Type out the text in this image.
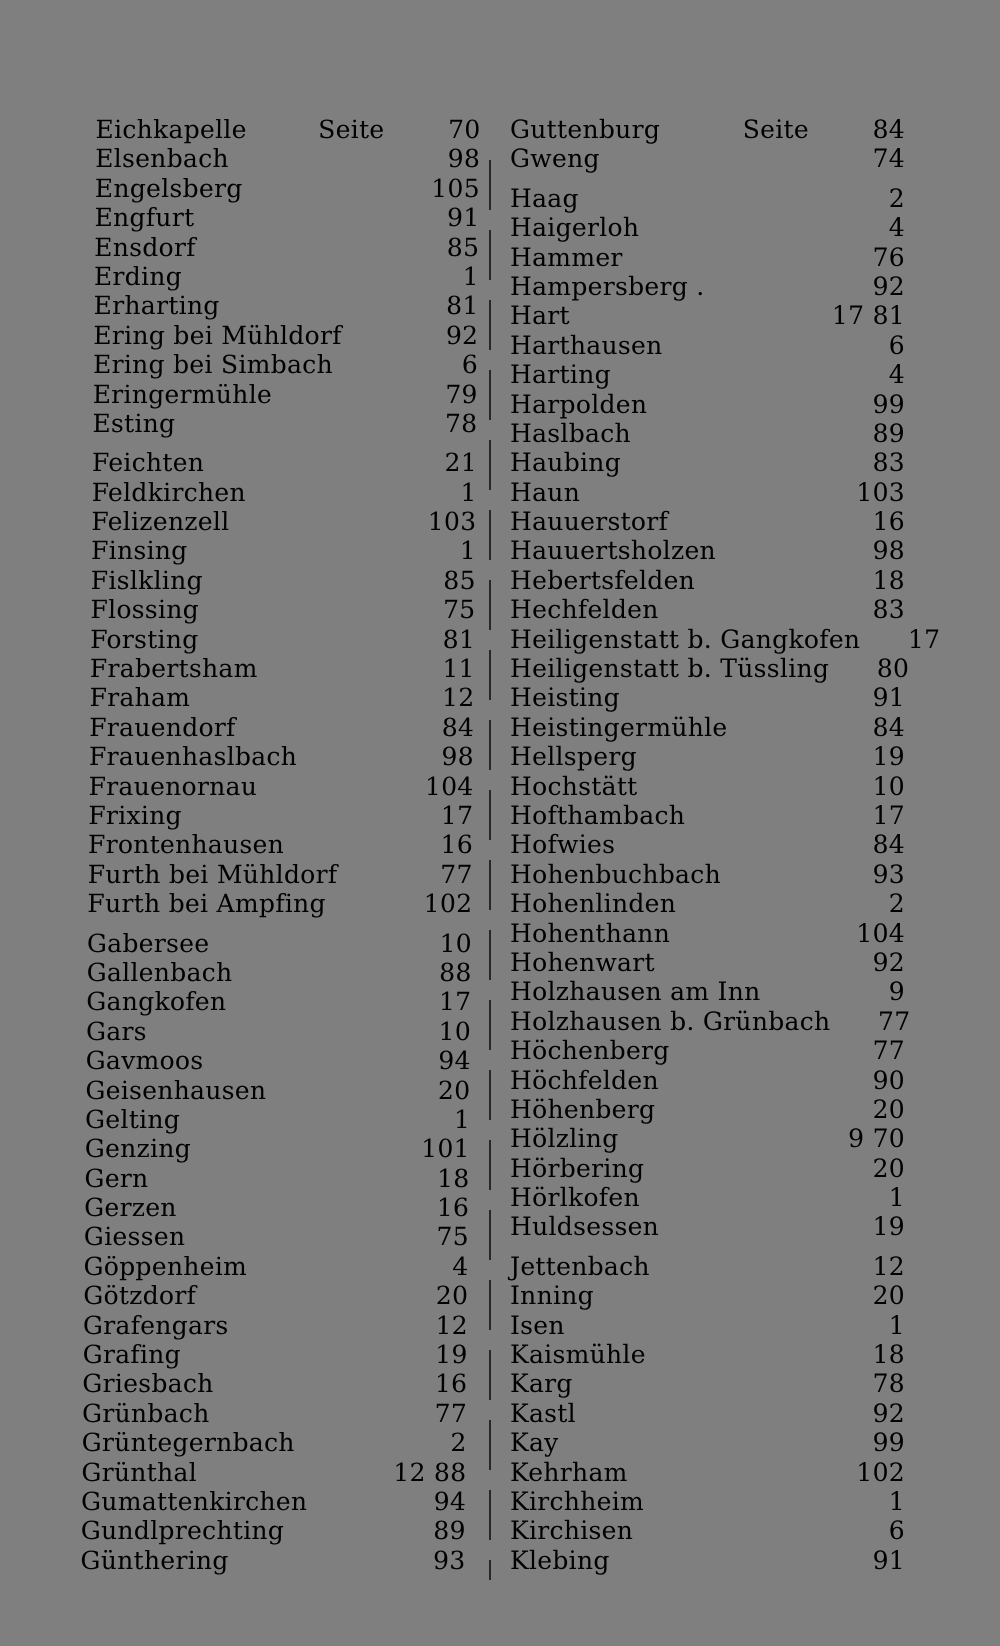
Eichkapelle	Seite	70
Elsenbach	98
Engelsberg	105
Engfurt	91
Ensdorf	85
Erding	1
Erharting	81
Ering bei Mühldorf	92
Ering bei Simbach	6
Eringermühle	79
Esting	78
Feichten	21
Feldkirchen	1
Felizenzell	103
Finsing	1
Fislkling	85
Flossing	75
Forsting	81
Frabertsham	11
Fraham	12
Frauendorf	84
Frauenhaslbach	98
Frauenornau	104
Frixing	17
Frontenhausen	16
Furth bei Mühldorf	77
Furth bei Ampfing	102
Gabersee	10
Gallenbach	88
Gangkofen	17
Gars	10
Gavmoos	94
Geisenhausen	20
Gelting	1
Genzing	101
Gern	18
Gerzen	16
Giessen	75
Göppenheim	4
Götzdorf	20
Grafengars	12
Grafing	19
Griesbach	16
Grünbach	77
Grüntegernbach	2
Grünthal	12 88
Gumattenkirchen	94
Gundlprechting	89
Günthering	93
Guttenburg	Seite	84
Gweng	74
Haag	2
Haigerloh	4
Hammer	76
Hampersberg .	92
Hart	17 81
Harthausen	6
Harting	4
Harpolden	99
Haslbach	89
Haubing	83
Haun	103
Hauuerstorf	16
Hauuertsholzen	98
Hebertsfelden	18
Hechfelden	83
Heiligenstatt b. Gangkofen	17
Heiligenstatt b. Tüssling	80
Heisting	91
Heistingermühle	84
Hellsperg	19
Hochstätt	10
Hofthambach	17
Hofwies	84
Hohenbuchbach	93
Hohenlinden	2
Hohenthann	104
Hohenwart	92
Holzhausen am Inn	9
Holzhausen b. Grünbach	77
Höchenberg	77
Höchfelden	90
Höhenberg	20
Hölzling	9 70
Hörbering	20
Hörlkofen	1
Huldsessen	19
Jettenbach	12
Inning	20
Isen	1
Kaismühle	18
Karg	78
Kastl	92
Kay	99
Kehrham	102
Kirchheim	1
Kirchisen	6
Klebing	91
